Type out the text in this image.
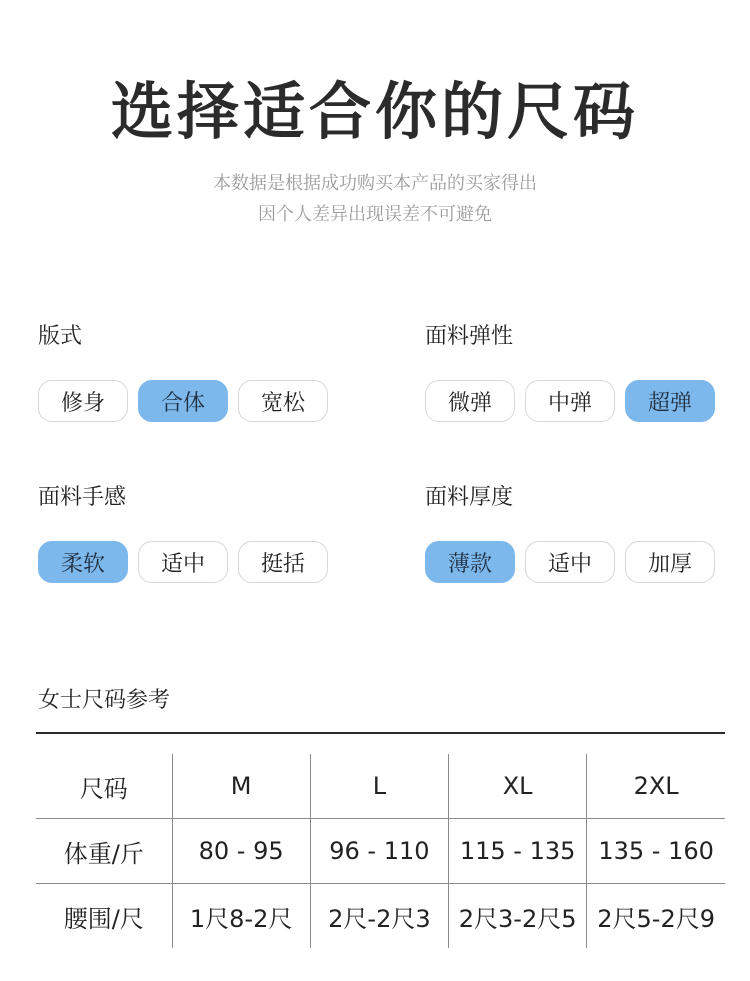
选择适合你的尺码
本数据是根据成功购买本产品的买家得出
因个人差异出现误差不可避免
版式
修身	合体	宽松
面料弹性
微弹	中弹	超弹
面料手感
柔软	适中	挺括
面料厚度
薄款	适中	加厚
女士尺码参考
尺码	M	L	XL	2XL
体重/斤	80 - 95	96 - 110	115 - 135	135 - 160
腰围/尺	1尺8-2尺	2尺-2尺3	2尺3-2尺5	2尺5-2尺9
